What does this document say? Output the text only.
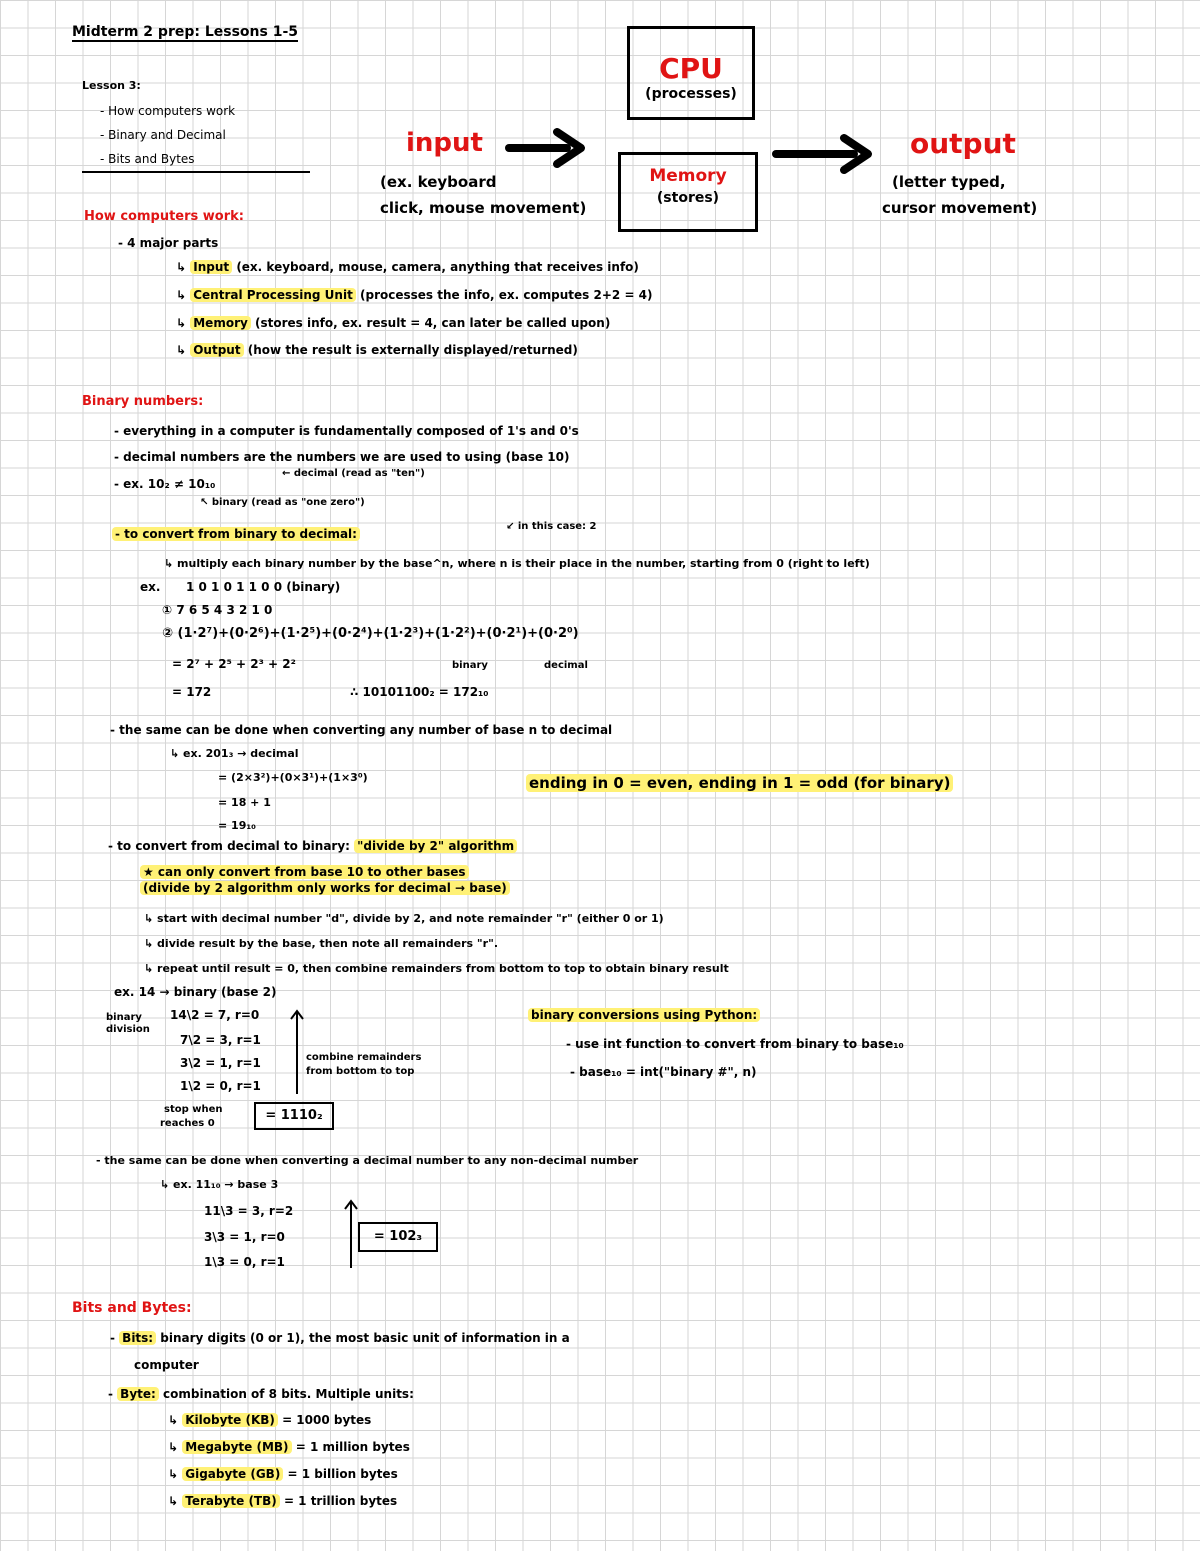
Midterm 2 prep: Lessons 1-5
Lesson 3:
- How computers work
- Binary and Decimal
- Bits and Bytes
input
(ex. keyboard
click, mouse movement)
CPU
(processes)
Memory
(stores)
output
(letter typed,
cursor movement)
How computers work:
- 4 major parts
↳ Input (ex. keyboard, mouse, camera, anything that receives info)
↳ Central Processing Unit (processes the info, ex. computes 2+2 = 4)
↳ Memory (stores info, ex. result = 4, can later be called upon)
↳ Output (how the result is externally displayed/returned)
Binary numbers:
- everything in a computer is fundamentally composed of 1's and 0's
- decimal numbers are the numbers we are used to using (base 10)
- ex. 10₂ ≠ 10₁₀
← decimal (read as "ten")
↖ binary (read as "one zero")
- to convert from binary to decimal:
↙ in this case: 2
↳ multiply each binary number by the base^n, where n is their place in the number, starting from 0 (right to left)
ex. 1 0 1 0 1 1 0 0 (binary)
① 7 6 5 4 3 2 1 0
② (1·2⁷)+(0·2⁶)+(1·2⁵)+(0·2⁴)+(1·2³)+(1·2²)+(0·2¹)+(0·2⁰)
= 2⁷ + 2⁵ + 2³ + 2²
= 172
binary	decimal
∴ 10101100₂ = 172₁₀
- the same can be done when converting any number of base n to decimal
↳ ex. 201₃ → decimal
= (2×3²)+(0×3¹)+(1×3⁰)
= 18 + 1
= 19₁₀
ending in 0 = even, ending in 1 = odd (for binary)
- to convert from decimal to binary: "divide by 2" algorithm
★ can only convert from base 10 to other bases
(divide by 2 algorithm only works for decimal → base)
↳ start with decimal number "d", divide by 2, and note remainder "r" (either 0 or 1)
↳ divide result by the base, then note all remainders "r".
↳ repeat until result = 0, then combine remainders from bottom to top to obtain binary result
ex. 14 → binary (base 2)
binary
division
14\2 = 7, r=0
7\2 = 3, r=1
3\2 = 1, r=1
1\2 = 0, r=1
combine remainders
from bottom to top
stop when
reaches 0
= 1110₂
binary conversions using Python:
- use int function to convert from binary to base₁₀
- base₁₀ = int("binary #", n)
- the same can be done when converting a decimal number to any non-decimal number
↳ ex. 11₁₀ → base 3
11\3 = 3, r=2
3\3 = 1, r=0
1\3 = 0, r=1
= 102₃
Bits and Bytes:
- Bits: binary digits (0 or 1), the most basic unit of information in a
computer
- Byte: combination of 8 bits. Multiple units:
↳ Kilobyte (KB) = 1000 bytes
↳ Megabyte (MB) = 1 million bytes
↳ Gigabyte (GB) = 1 billion bytes
↳ Terabyte (TB) = 1 trillion bytes
